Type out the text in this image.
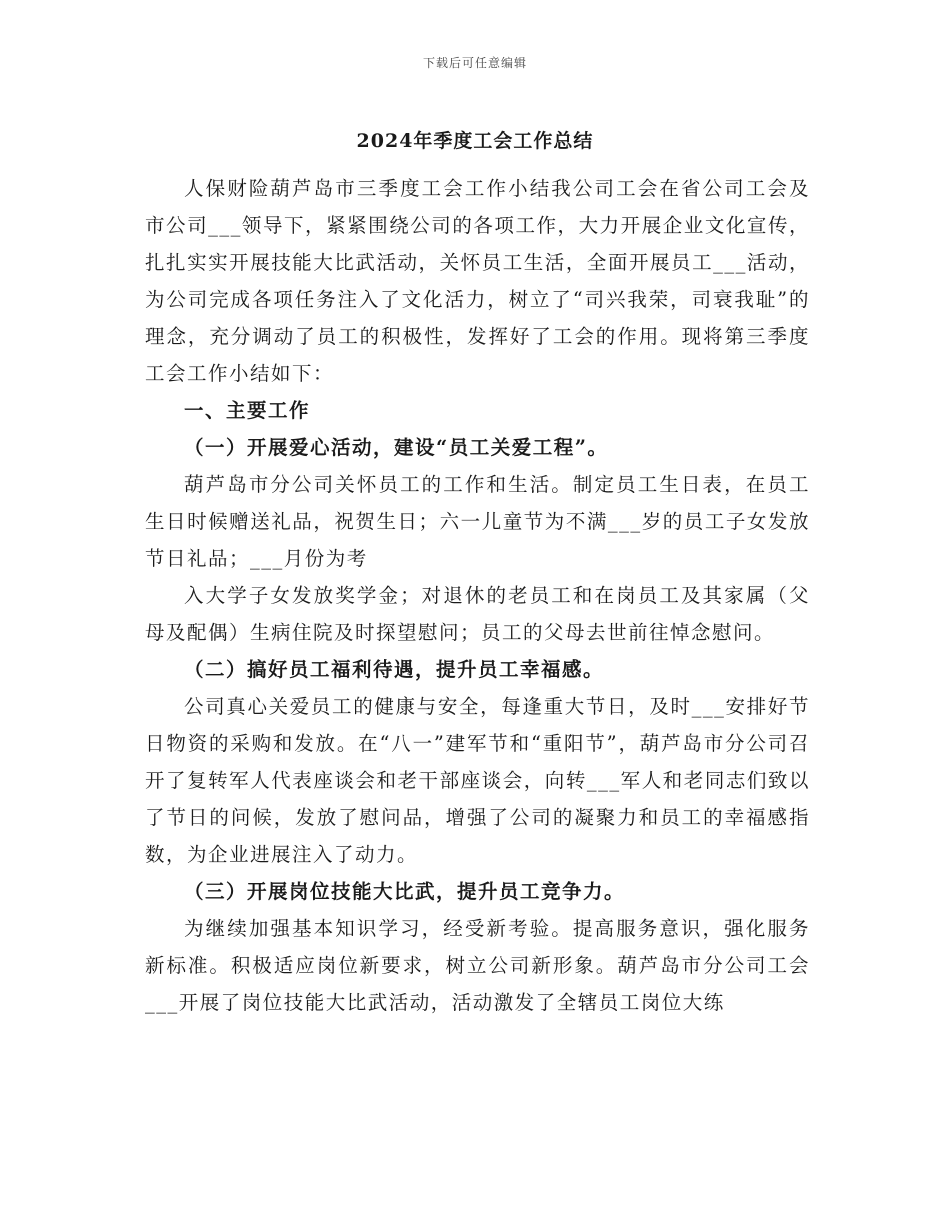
下载后可任意编辑
2024年季度工会工作总结

人保财险葫芦岛市三季度工会工作小结我公司工会在省公司工会及市公司___领导下，紧紧围绕公司的各项工作，大力开展企业文化宣传，扎扎实实开展技能大比武活动，关怀员工生活，全面开展员工___活动，为公司完成各项任务注入了文化活力，树立了“司兴我荣，司衰我耻”的理念，充分调动了员工的积极性，发挥好了工会的作用。现将第三季度工会工作小结如下：

一、主要工作

（一）开展爱心活动，建设“员工关爱工程”。

葫芦岛市分公司关怀员工的工作和生活。制定员工生日表，在员工生日时候赠送礼品，祝贺生日；六一儿童节为不满___岁的员工子女发放节日礼品；___月份为考

入大学子女发放奖学金；对退休的老员工和在岗员工及其家属（父母及配偶）生病住院及时探望慰问；员工的父母去世前往悼念慰问。

（二）搞好员工福利待遇，提升员工幸福感。

公司真心关爱员工的健康与安全，每逢重大节日，及时___安排好节日物资的采购和发放。在“八一”建军节和“重阳节”，葫芦岛市分公司召开了复转军人代表座谈会和老干部座谈会，向转___军人和老同志们致以了节日的问候，发放了慰问品，增强了公司的凝聚力和员工的幸福感指数，为企业进展注入了动力。

（三）开展岗位技能大比武，提升员工竞争力。

为继续加强基本知识学习，经受新考验。提高服务意识，强化服务新标准。积极适应岗位新要求，树立公司新形象。葫芦岛市分公司工会___开展了岗位技能大比武活动，活动激发了全辖员工岗位大练
